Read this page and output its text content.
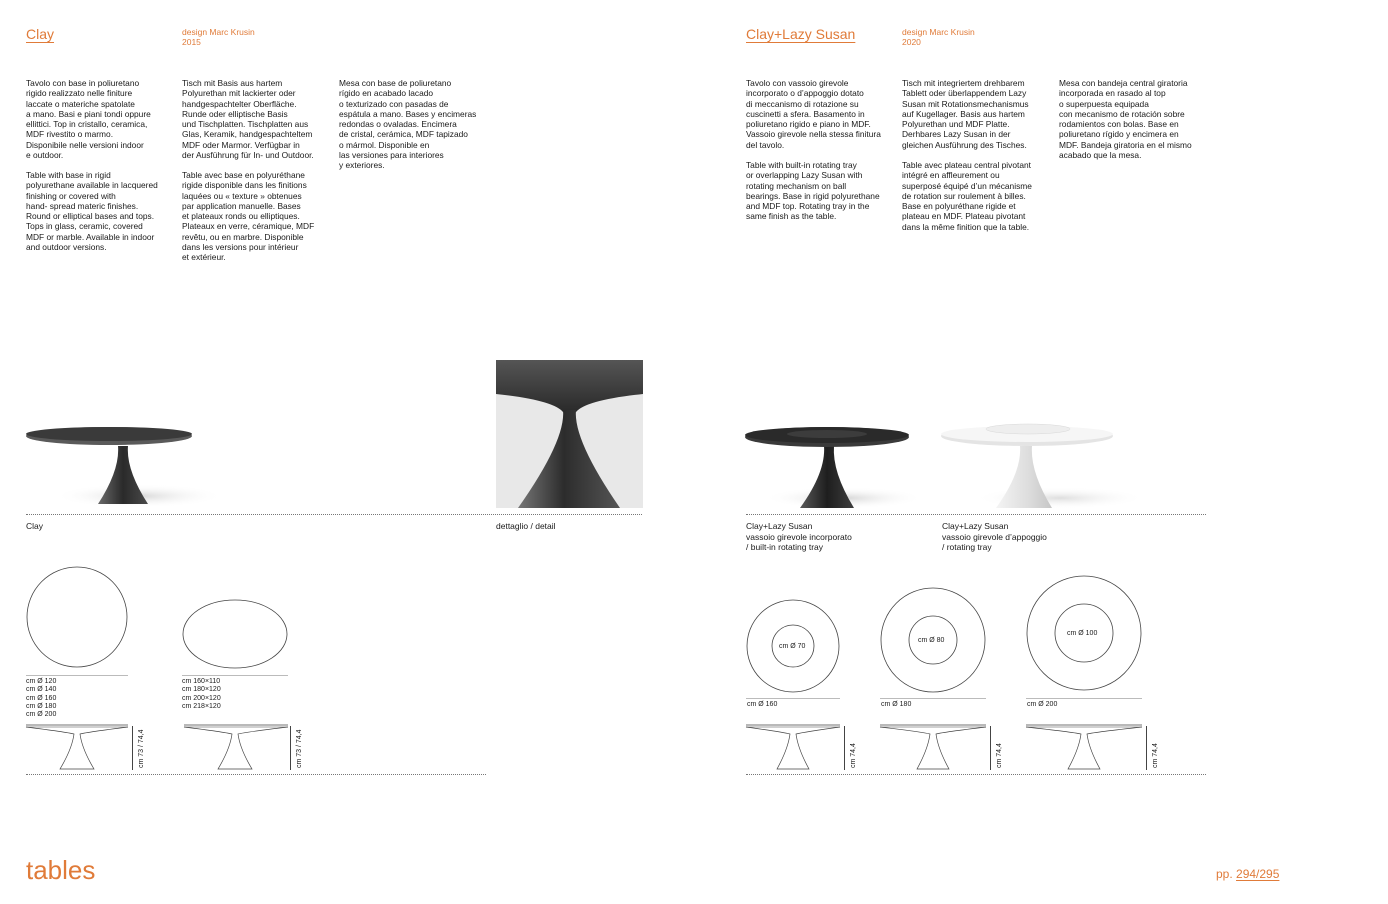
Clay	design Marc Krusin
2015
Tavolo con base in poliuretano
rigido realizzato nelle finiture
laccate o materiche spatolate
a mano. Basi e piani tondi oppure
ellittici. Top in cristallo, ceramica,
MDF rivestito o marmo.
Disponibile nelle versioni indoor
e outdoor.
Table with base in rigid
polyurethane available in lacquered
finishing or covered with
hand- spread materic finishes.
Round or elliptical bases and tops.
Tops in glass, ceramic, covered
MDF or marble. Available in indoor
and outdoor versions.
Tisch mit Basis aus hartem
Polyurethan mit lackierter oder
handgespachtelter Oberfläche.
Runde oder elliptische Basis
und Tischplatten. Tischplatten aus
Glas, Keramik, handgespachteltem
MDF oder Marmor. Verfügbar in
der Ausführung für In- und Outdoor.
Table avec base en polyuréthane
rigide disponible dans les finitions
laquées ou « texture » obtenues
par application manuelle. Bases
et plateaux ronds ou elliptiques.
Plateaux en verre, céramique, MDF
revêtu, ou en marbre. Disponible
dans les versions pour intérieur
et extérieur.
Mesa con base de poliuretano
rígido en acabado lacado
o texturizado con pasadas de
espátula a mano. Bases y encimeras
redondas o ovaladas. Encimera
de cristal, cerámica, MDF tapizado
o mármol. Disponible en
las versiones para interiores
y exteriores.
Clay	dettaglio / detail
cm Ø 120
cm Ø 140
cm Ø 160
cm Ø 180
cm Ø 200
cm 160×110
cm 180×120
cm 200×120
cm 218×120
cm 73 / 74,4	cm 73 / 74,4
Clay+Lazy Susan	design Marc Krusin
2020
Tavolo con vassoio girevole
incorporato o d’appoggio dotato
di meccanismo di rotazione su
cuscinetti a sfera. Basamento in
poliuretano rigido e piano in MDF.
Vassoio girevole nella stessa finitura
del tavolo.
Table with built-in rotating tray
or overlapping Lazy Susan with
rotating mechanism on ball
bearings. Base in rigid polyurethane
and MDF top. Rotating tray in the
same finish as the table.
Tisch mit integriertem drehbarem
Tablett oder überlappendem Lazy
Susan mit Rotationsmechanismus
auf Kugellager. Basis aus hartem
Polyurethan und MDF Platte.
Derhbares Lazy Susan in der
gleichen Ausführung des Tisches.
Table avec plateau central pivotant
intégré en affleurement ou
superposé équipé d’un mécanisme
de rotation sur roulement à billes.
Base en polyuréthane rigide et
plateau en MDF. Plateau pivotant
dans la même finition que la table.
Mesa con bandeja central giratoria
incorporada en rasado al top
o superpuesta equipada
con mecanismo de rotación sobre
rodamientos con bolas. Base en
poliuretano rígido y encimera en
MDF. Bandeja giratoria en el mismo
acabado que la mesa.
Clay+Lazy Susan
vassoio girevole incorporato
/ built-in rotating tray
Clay+Lazy Susan
vassoio girevole d’appoggio
/ rotating tray
cm Ø 70
cm Ø 160
cm Ø 80
cm Ø 180
cm Ø 100
cm Ø 200
cm 74,4	cm 74,4	cm 74,4
tables	pp. 294/295
